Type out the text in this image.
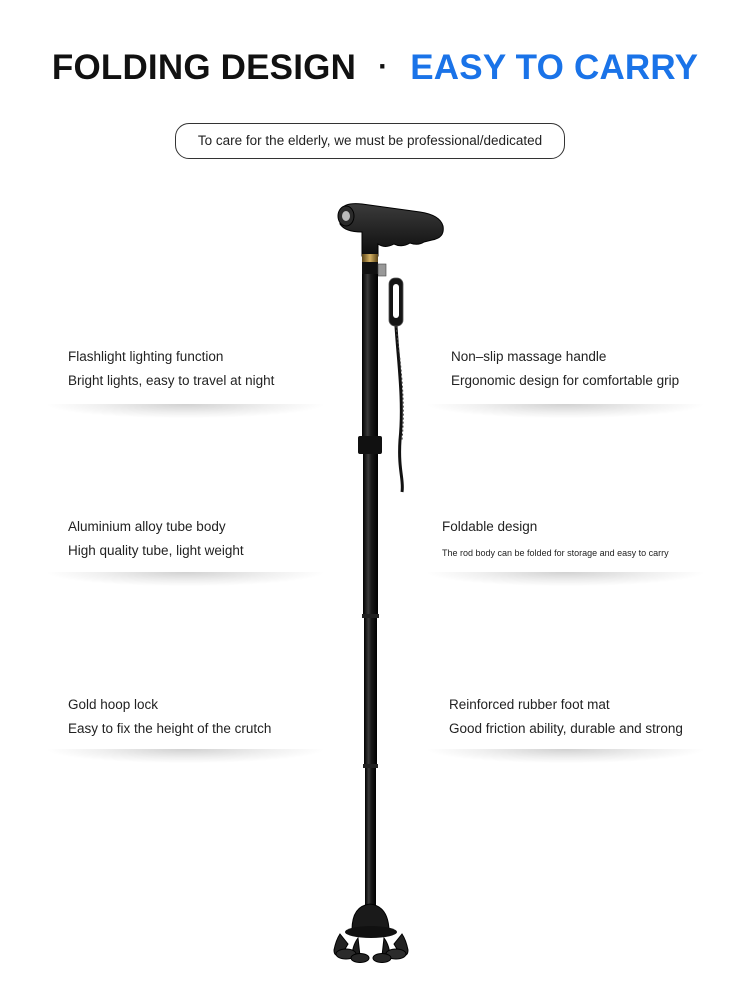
FOLDING DESIGN · EASY TO CARRY
To care for the elderly, we must be professional/dedicated
Flashlight lighting function
Bright lights, easy to travel at night
Aluminium alloy tube body
High quality tube, light weight
Gold hoop lock
Easy to fix the height of the crutch
Non–slip massage handle
Ergonomic design for comfortable grip
Foldable design
The rod body can be folded for storage and easy to carry
Reinforced rubber foot mat
Good friction ability, durable and strong
